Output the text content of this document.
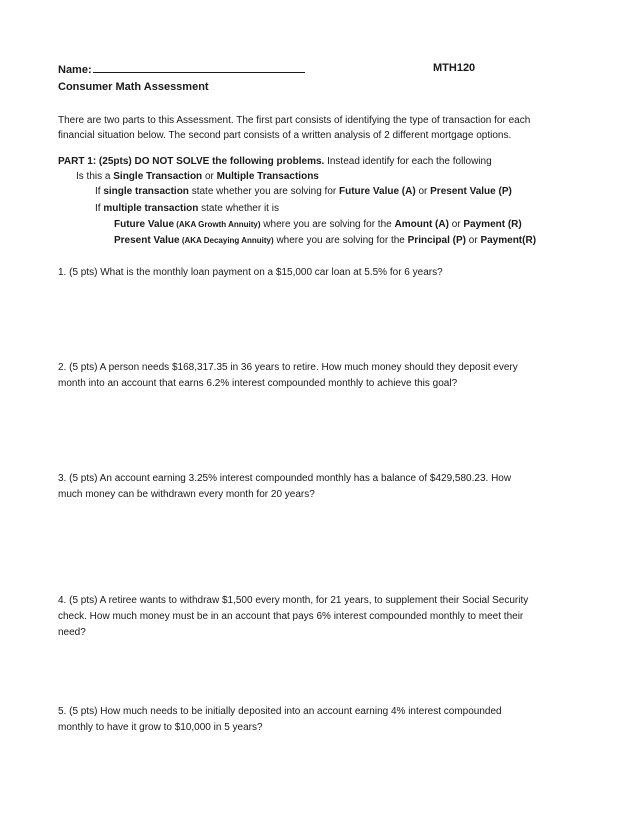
Name:	MTH120
Consumer Math Assessment
There are two parts to this Assessment. The first part consists of identifying the type of transaction for each
financial situation below. The second part consists of a written analysis of 2 different mortgage options.
PART 1: (25pts) DO NOT SOLVE the following problems. Instead identify for each the following
Is this a Single Transaction or Multiple Transactions
If single transaction state whether you are solving for Future Value (A) or Present Value (P)
If multiple transaction state whether it is
Future Value (AKA Growth Annuity) where you are solving for the Amount (A) or Payment (R)
Present Value (AKA Decaying Annuity) where you are solving for the Principal (P) or Payment(R)
1. (5 pts) What is the monthly loan payment on a $15,000 car loan at 5.5% for 6 years?
2. (5 pts) A person needs $168,317.35 in 36 years to retire. How much money should they deposit every
month into an account that earns 6.2% interest compounded monthly to achieve this goal?
3. (5 pts) An account earning 3.25% interest compounded monthly has a balance of $429,580.23. How
much money can be withdrawn every month for 20 years?
4. (5 pts) A retiree wants to withdraw $1,500 every month, for 21 years, to supplement their Social Security
check. How much money must be in an account that pays 6% interest compounded monthly to meet their
need?
5. (5 pts) How much needs to be initially deposited into an account earning 4% interest compounded
monthly to have it grow to $10,000 in 5 years?
